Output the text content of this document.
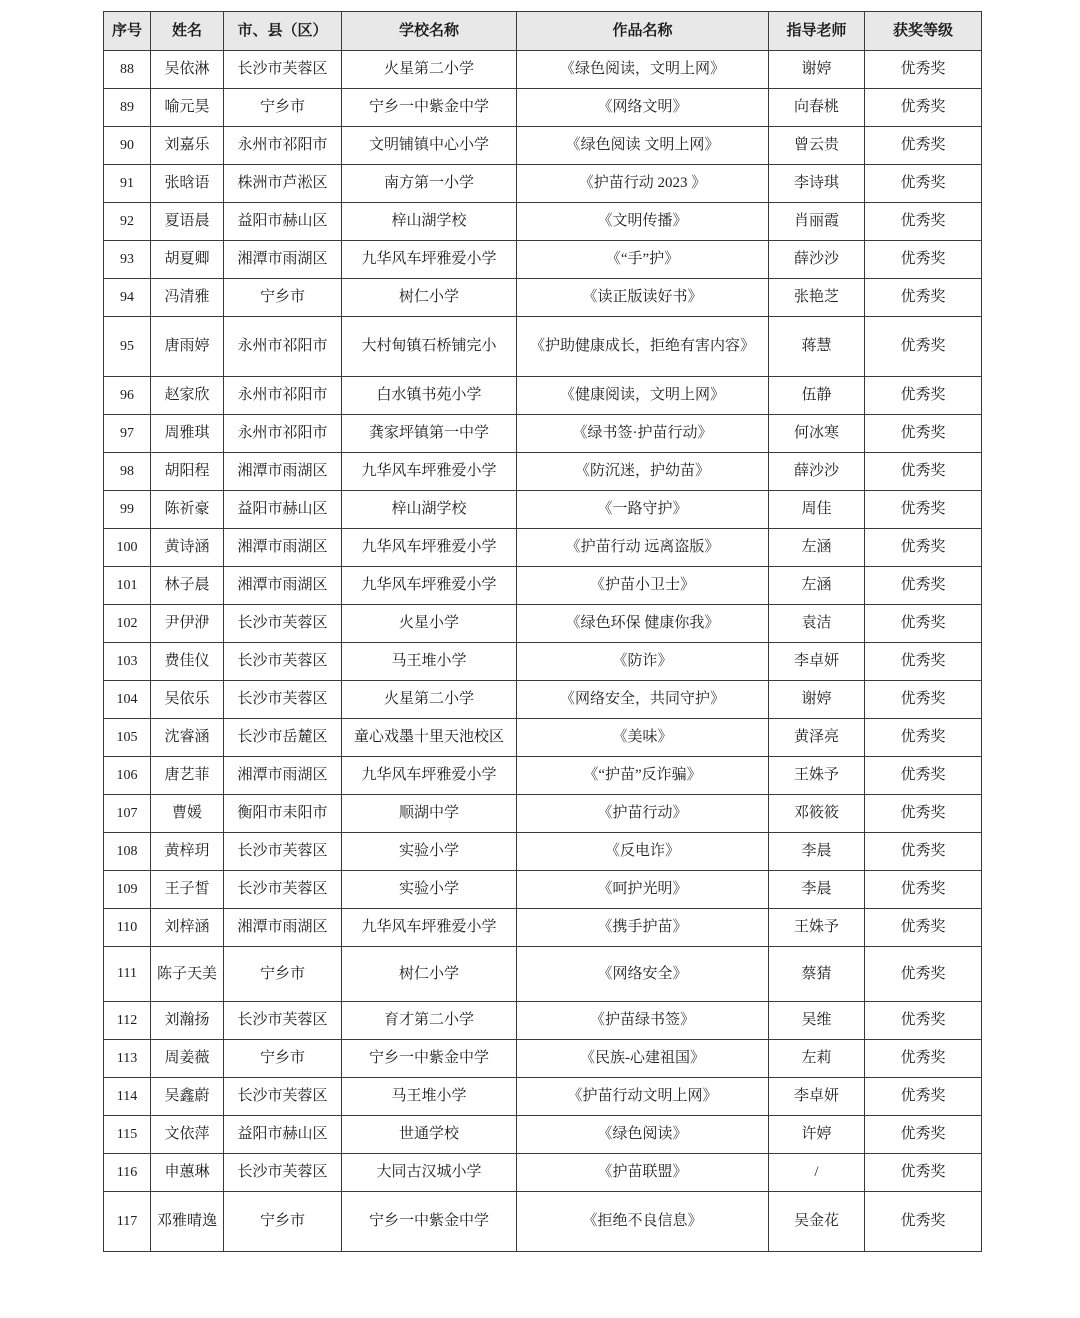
序号	姓名	市、县（区）	学校名称	作品名称	指导老师	获奖等级
88	吴依淋	长沙市芙蓉区	火星第二小学	《绿色阅读，文明上网》	谢婷	优秀奖
89	喻元昊	宁乡市	宁乡一中紫金中学	《网络文明》	向春桃	优秀奖
90	刘嘉乐	永州市祁阳市	文明铺镇中心小学	《绿色阅读 文明上网》	曾云贵	优秀奖
91	张晗语	株洲市芦淞区	南方第一小学	《护苗行动 2023 》	李诗琪	优秀奖
92	夏语晨	益阳市赫山区	梓山湖学校	《文明传播》	肖丽霞	优秀奖
93	胡夏卿	湘潭市雨湖区	九华风车坪雅爱小学	《“手”护》	薛沙沙	优秀奖
94	冯清雅	宁乡市	树仁小学	《读正版读好书》	张艳芝	优秀奖
95	唐雨婷	永州市祁阳市	大村甸镇石桥铺完小	《护助健康成长，拒绝有害内容》	蒋慧	优秀奖
96	赵家欣	永州市祁阳市	白水镇书苑小学	《健康阅读，文明上网》	伍静	优秀奖
97	周雅琪	永州市祁阳市	龚家坪镇第一中学	《绿书签·护苗行动》	何冰寒	优秀奖
98	胡阳程	湘潭市雨湖区	九华风车坪雅爱小学	《防沉迷，护幼苗》	薛沙沙	优秀奖
99	陈祈豪	益阳市赫山区	梓山湖学校	《一路守护》	周佳	优秀奖
100	黄诗涵	湘潭市雨湖区	九华风车坪雅爱小学	《护苗行动 远离盗版》	左涵	优秀奖
101	林子晨	湘潭市雨湖区	九华风车坪雅爱小学	《护苗小卫士》	左涵	优秀奖
102	尹伊洢	长沙市芙蓉区	火星小学	《绿色环保 健康你我》	袁洁	优秀奖
103	费佳仪	长沙市芙蓉区	马王堆小学	《防诈》	李卓妍	优秀奖
104	吴依乐	长沙市芙蓉区	火星第二小学	《网络安全，共同守护》	谢婷	优秀奖
105	沈睿涵	长沙市岳麓区	童心戏墨十里天池校区	《美味》	黄泽亮	优秀奖
106	唐艺菲	湘潭市雨湖区	九华风车坪雅爱小学	《“护苗”反诈骗》	王姝予	优秀奖
107	曹媛	衡阳市耒阳市	顺湖中学	《护苗行动》	邓筱筱	优秀奖
108	黄梓玥	长沙市芙蓉区	实验小学	《反电诈》	李晨	优秀奖
109	王子皙	长沙市芙蓉区	实验小学	《呵护光明》	李晨	优秀奖
110	刘梓涵	湘潭市雨湖区	九华风车坪雅爱小学	《携手护苗》	王姝予	优秀奖
111	陈子天美	宁乡市	树仁小学	《网络安全》	蔡猜	优秀奖
112	刘瀚扬	长沙市芙蓉区	育才第二小学	《护苗绿书签》	吴维	优秀奖
113	周姜薇	宁乡市	宁乡一中紫金中学	《民族-心建祖国》	左莉	优秀奖
114	吴鑫蔚	长沙市芙蓉区	马王堆小学	《护苗行动文明上网》	李卓妍	优秀奖
115	文依萍	益阳市赫山区	世通学校	《绿色阅读》	许婷	优秀奖
116	申蕙琳	长沙市芙蓉区	大同古汉城小学	《护苗联盟》	/	优秀奖
117	邓雅晴逸	宁乡市	宁乡一中紫金中学	《拒绝不良信息》	吴金花	优秀奖
